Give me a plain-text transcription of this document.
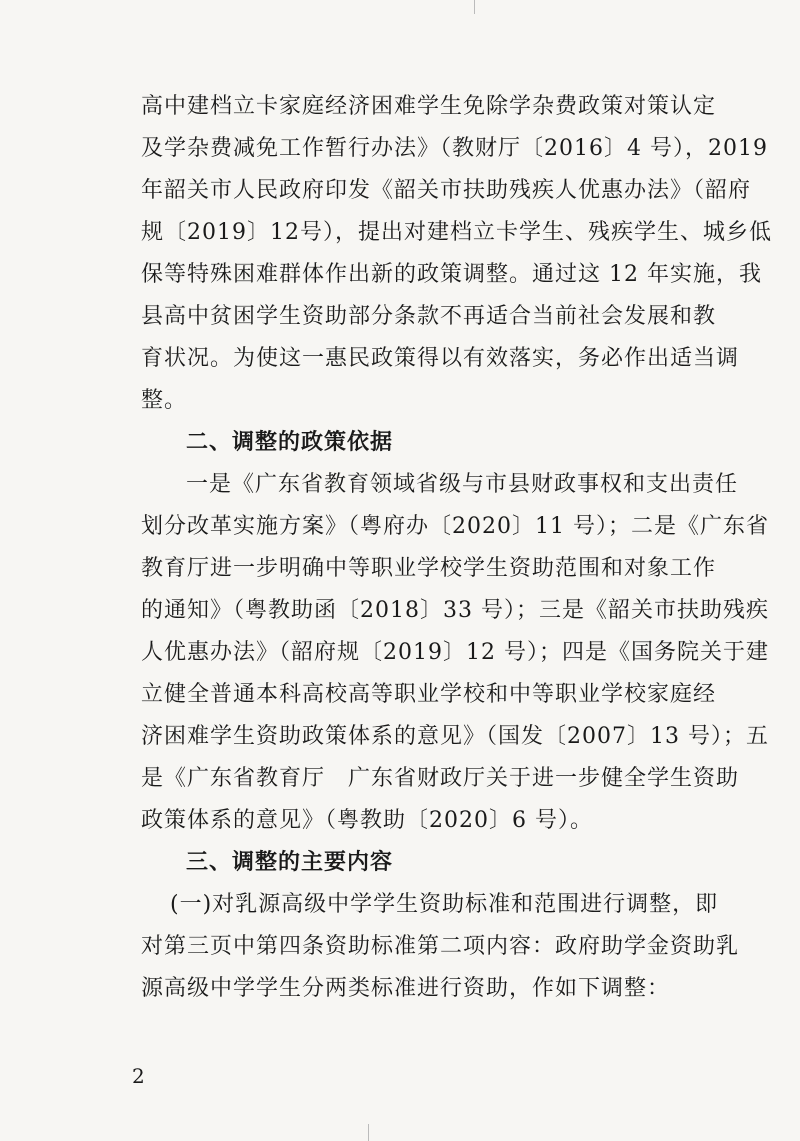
高中建档立卡家庭经济困难学生免除学杂费政策对策认定
及学杂费减免工作暂行办法》（教财厅〔2016〕4 号），2019
年韶关市人民政府印发《韶关市扶助残疾人优惠办法》（韶府
规〔2019〕12号），提出对建档立卡学生、残疾学生、城乡低
保等特殊困难群体作出新的政策调整。通过这 12 年实施，我
县高中贫困学生资助部分条款不再适合当前社会发展和教
育状况。为使这一惠民政策得以有效落实，务必作出适当调
整。
二、调整的政策依据
一是《广东省教育领域省级与市县财政事权和支出责任
划分改革实施方案》（粤府办〔2020〕11 号）；二是《广东省
教育厅进一步明确中等职业学校学生资助范围和对象工作
的通知》（粤教助函〔2018〕33 号）；三是《韶关市扶助残疾
人优惠办法》（韶府规〔2019〕12 号）；四是《国务院关于建
立健全普通本科高校高等职业学校和中等职业学校家庭经
济困难学生资助政策体系的意见》（国发〔2007〕13 号）；五
是《广东省教育厅　广东省财政厅关于进一步健全学生资助
政策体系的意见》（粤教助〔2020〕6 号）。
三、调整的主要内容
(一)对乳源高级中学学生资助标准和范围进行调整，即
对第三页中第四条资助标准第二项内容：政府助学金资助乳
源高级中学学生分两类标准进行资助，作如下调整：
2
